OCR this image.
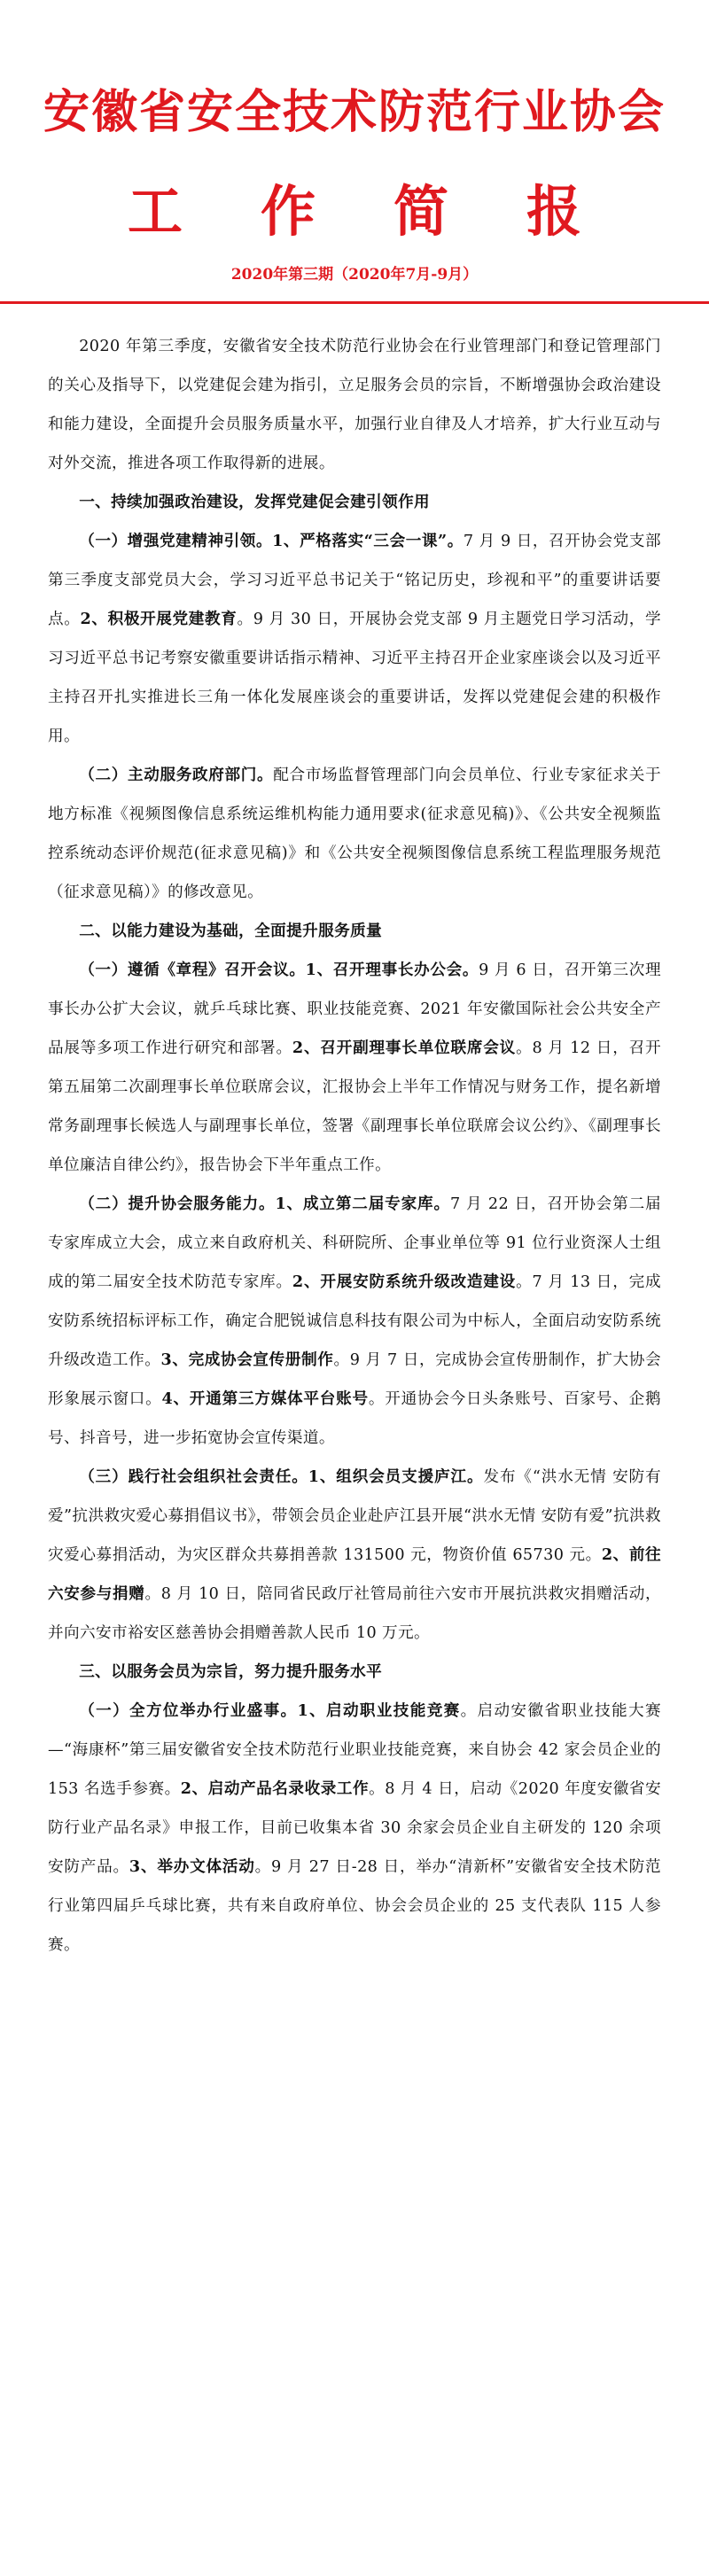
安徽省安全技术防范行业协会
工	作	简	报
2020年第三期（2020年7月-9月）

2020 年第三季度，安徽省安全技术防范行业协会在行业管理部门和登记管理部门的关心及指导下，以党建促会建为指引，立足服务会员的宗旨，不断增强协会政治建设和能力建设，全面提升会员服务质量水平，加强行业自律及人才培养，扩大行业互动与对外交流，推进各项工作取得新的进展。

一、持续加强政治建设，发挥党建促会建引领作用

（一）增强党建精神引领。1、严格落实“三会一课”。7 月 9 日，召开协会党支部第三季度支部党员大会，学习习近平总书记关于“铭记历史，珍视和平”的重要讲话要点。2、积极开展党建教育。9 月 30 日，开展协会党支部 9 月主题党日学习活动，学习习近平总书记考察安徽重要讲话指示精神、习近平主持召开企业家座谈会以及习近平主持召开扎实推进长三角一体化发展座谈会的重要讲话，发挥以党建促会建的积极作用。

（二）主动服务政府部门。配合市场监督管理部门向会员单位、行业专家征求关于地方标准《视频图像信息系统运维机构能力通用要求(征求意见稿)》、《公共安全视频监控系统动态评价规范(征求意见稿)》和《公共安全视频图像信息系统工程监理服务规范（征求意见稿）》的修改意见。

二、以能力建设为基础，全面提升服务质量

（一）遵循《章程》召开会议。1、召开理事长办公会。9 月 6 日，召开第三次理事长办公扩大会议，就乒乓球比赛、职业技能竞赛、2021 年安徽国际社会公共安全产品展等多项工作进行研究和部署。2、召开副理事长单位联席会议。8 月 12 日，召开第五届第二次副理事长单位联席会议，汇报协会上半年工作情况与财务工作，提名新增常务副理事长候选人与副理事长单位，签署《副理事长单位联席会议公约》、《副理事长单位廉洁自律公约》，报告协会下半年重点工作。

（二）提升协会服务能力。1、成立第二届专家库。7 月 22 日，召开协会第二届专家库成立大会，成立来自政府机关、科研院所、企事业单位等 91 位行业资深人士组成的第二届安全技术防范专家库。2、开展安防系统升级改造建设。7 月 13 日，完成安防系统招标评标工作，确定合肥锐诚信息科技有限公司为中标人，全面启动安防系统升级改造工作。3、完成协会宣传册制作。9 月 7 日，完成协会宣传册制作，扩大协会形象展示窗口。4、开通第三方媒体平台账号。开通协会今日头条账号、百家号、企鹅号、抖音号，进一步拓宽协会宣传渠道。

（三）践行社会组织社会责任。1、组织会员支援庐江。发布《“洪水无情 安防有爱”抗洪救灾爱心募捐倡议书》，带领会员企业赴庐江县开展“洪水无情 安防有爱”抗洪救灾爱心募捐活动，为灾区群众共募捐善款 131500 元，物资价值 65730 元。2、前往六安参与捐赠。8 月 10 日，陪同省民政厅社管局前往六安市开展抗洪救灾捐赠活动，并向六安市裕安区慈善协会捐赠善款人民币 10 万元。

三、以服务会员为宗旨，努力提升服务水平

（一）全方位举办行业盛事。1、启动职业技能竞赛。启动安徽省职业技能大赛—“海康杯”第三届安徽省安全技术防范行业职业技能竞赛，来自协会 42 家会员企业的 153 名选手参赛。2、启动产品名录收录工作。8 月 4 日，启动《2020 年度安徽省安防行业产品名录》申报工作，目前已收集本省 30 余家会员企业自主研发的 120 余项安防产品。3、举办文体活动。9 月 27 日-28 日，举办“清新杯”安徽省安全技术防范行业第四届乒乓球比赛，共有来自政府单位、协会会员企业的 25 支代表队 115 人参赛。
